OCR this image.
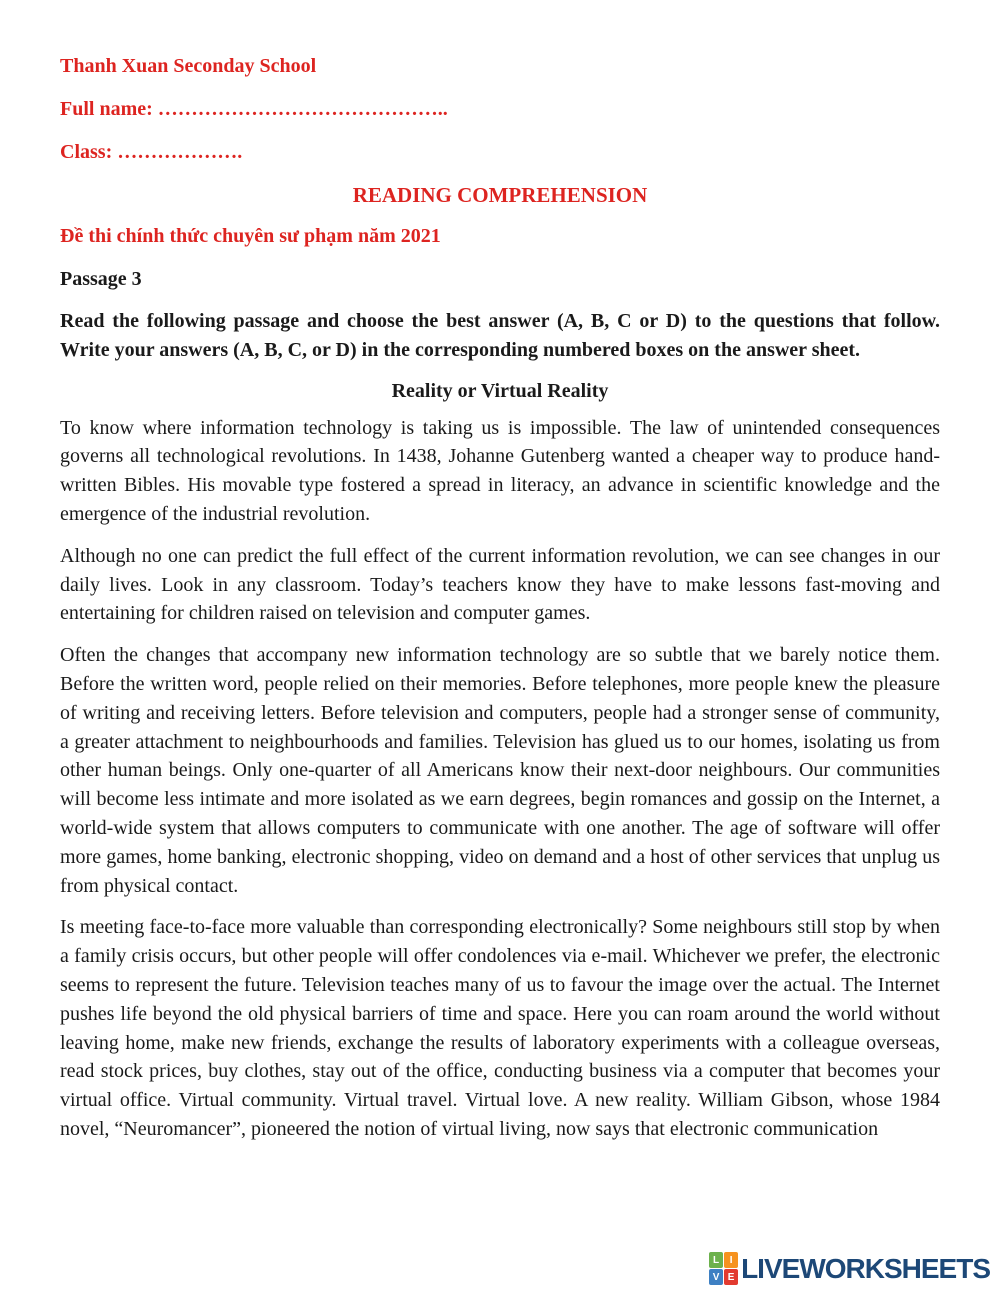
Thanh Xuan Seconday School
Full name: ……………………………………..
Class: ……………….
READING COMPREHENSION
Đề thi chính thức chuyên sư phạm năm 2021
Passage 3

Read the following passage and choose the best answer (A, B, C or D) to the questions that follow. Write your answers (A, B, C, or D) in the corresponding numbered boxes on the answer sheet.

Reality or Virtual Reality

To know where information technology is taking us is impossible. The law of unintended consequences governs all technological revolutions. In 1438, Johanne Gutenberg wanted a cheaper way to produce hand-written Bibles. His movable type fostered a spread in literacy, an advance in scientific knowledge and the emergence of the industrial revolution.

Although no one can predict the full effect of the current information revolution, we can see changes in our daily lives. Look in any classroom. Today’s teachers know they have to make lessons fast-moving and entertaining for children raised on television and computer games.

Often the changes that accompany new information technology are so subtle that we barely notice them. Before the written word, people relied on their memories. Before telephones, more people knew the pleasure of writing and receiving letters. Before television and computers, people had a stronger sense of community, a greater attachment to neighbourhoods and families. Television has glued us to our homes, isolating us from other human beings. Only one-quarter of all Americans know their next-door neighbours. Our communities will become less intimate and more isolated as we earn degrees, begin romances and gossip on the Internet, a world-wide system that allows computers to communicate with one another. The age of software will offer more games, home banking, electronic shopping, video on demand and a host of other services that unplug us from physical contact.

Is meeting face-to-face more valuable than corresponding electronically? Some neighbours still stop by when a family crisis occurs, but other people will offer condolences via e-mail. Whichever we prefer, the electronic seems to represent the future. Television teaches many of us to favour the image over the actual. The Internet pushes life beyond the old physical barriers of time and space. Here you can roam around the world without leaving home, make new friends, exchange the results of laboratory experiments with a colleague overseas, read stock prices, buy clothes, stay out of the office, conducting business via a computer that becomes your virtual office. Virtual community. Virtual travel. Virtual love. A new reality. William Gibson, whose 1984 novel, “Neuromancer”, pioneered the notion of virtual living, now says that electronic communication

L	I
V E LIVEWORKSHEETS
